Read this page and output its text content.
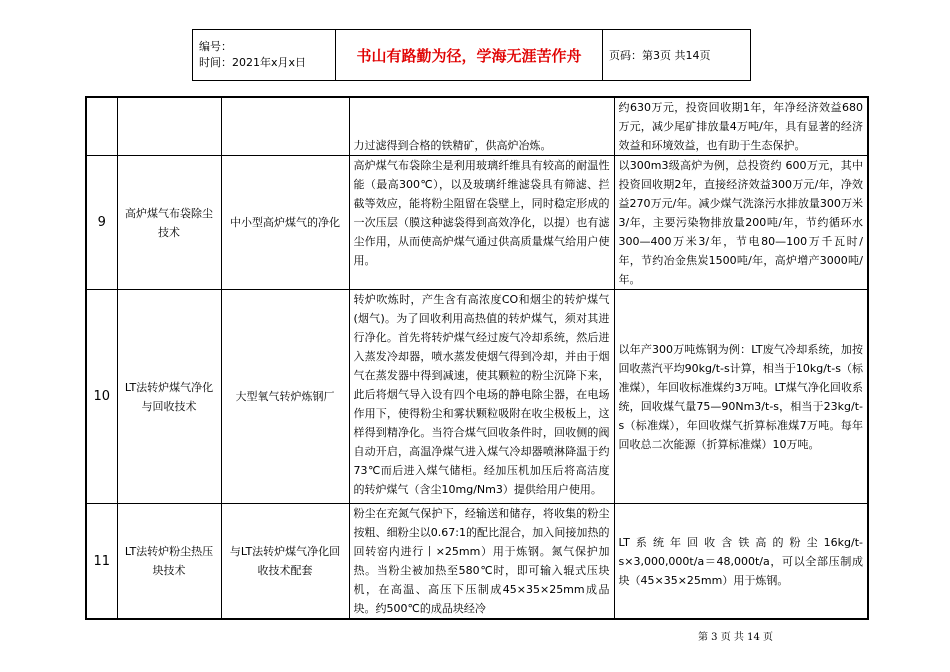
编号：
时间：2021年x月x日	书山有路勤为径，学海无涯苦作舟	页码：第3页 共14页
			力过滤得到合格的铁精矿，供高炉冶炼。	约630万元，投资回收期1年，年净经济效益680万元，减少尾矿排放量4万吨/年，具有显著的经济效益和环境效益，也有助于生态保护。
9	高炉煤气布袋除尘技术	中小型高炉煤气的净化	高炉煤气布袋除尘是利用玻璃纤维具有较高的耐温性能（最高300℃），以及玻璃纤维滤袋具有筛滤、拦截等效应，能将粉尘阻留在袋壁上，同时稳定形成的一次压层（膜这种滤袋得到高效净化，以提）也有滤尘作用，从而使高炉煤气通过供高质量煤气给用户使用。	以300m3级高炉为例，总投资约 600万元，其中投资回收期2年，直接经济效益300万元/年，净效益270万元/年。减少煤气洗涤污水排放量300万米3/年，主要污染物排放量200吨/年，节约循环水300—400万米3/年，节电80—100万千瓦时/年，节约冶金焦炭1500吨/年，高炉增产3000吨/年。
10	LT法转炉煤气净化与回收技术	大型氧气转炉炼钢厂	转炉吹炼时，产生含有高浓度CO和烟尘的转炉煤气(烟气)。为了回收利用高热值的转炉煤气，须对其进行净化。首先将转炉煤气经过废气冷却系统，然后进入蒸发冷却器，喷水蒸发使烟气得到冷却，并由于烟气在蒸发器中得到减速，使其颗粒的粉尘沉降下来，此后将烟气导入设有四个电场的静电除尘器，在电场作用下，使得粉尘和雾状颗粒吸附在收尘极板上，这样得到精净化。当符合煤气回收条件时，回收侧的阀自动开启，高温净煤气进入煤气冷却器喷淋降温于约73℃而后进入煤气储柜。经加压机加压后将高洁度的转炉煤气（含尘10mg/Nm3）提供给用户使用。	以年产300万吨炼钢为例：LT废气冷却系统，加按回收蒸汽平均90kg/t-s计算，相当于10kg/t-s（标准煤），年回收标准煤约3万吨。LT煤气净化回收系统，回收煤气量75—90Nm3/t-s，相当于23kg/t-s（标准煤），年回收煤气折算标准煤7万吨。每年回收总二次能源（折算标准煤）10万吨。
11	LT法转炉粉尘热压块技术	与LT法转炉煤气净化回收技术配套	粉尘在充氮气保护下，经输送和储存，将收集的粉尘按粗、细粉尘以0.67:1的配比混合，加入间接加热的回转窑内进行丨×25mm）用于炼钢。氮气保护加热。当粉尘被加热至580℃时，即可输入辊式压块机，在高温、高压下压制成45×35×25mm成品块。约500℃的成品块经冷	LT系统年回收含铁高的粉尘16kg/t-s×3,000,000t/a＝48,000t/a，可以全部压制成块（45×35×25mm）用于炼钢。
第 3 页 共 14 页
